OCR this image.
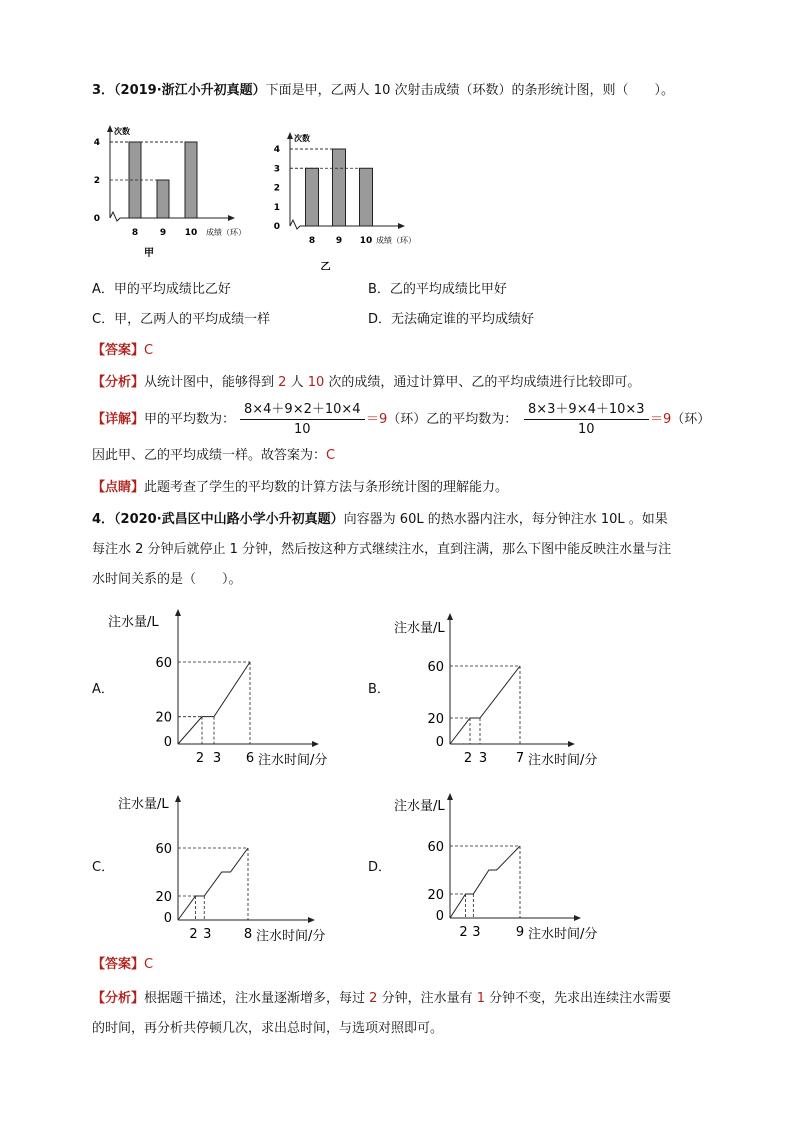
3．（2019·浙江小升初真题）下面是甲，乙两人 10 次射击成绩（环数）的条形统计图，则（　　）。
次数
成绩（环）
0
2
4
8 9 10
甲
次数
成绩（环）
0
1
2
3
4
8 9 10
乙
A．甲的平均成绩比乙好	B．乙的平均成绩比甲好
C．甲，乙两人的平均成绩一样	D．无法确定谁的平均成绩好
【答案】C
【分析】从统计图中，能够得到 2 人 10 次的成绩，通过计算甲、乙的平均成绩进行比较即可。
【详解】甲的平均数为： $\frac{8\times 4+9\times 2+10\times 4}{10} =9$（环）乙的平均数为： $\frac{8\times 3+9\times 4+10\times 3}{10} =9$（环）
因此甲、乙的平均成绩一样。故答案为：C
【点睛】此题考查了学生的平均数的计算方法与条形统计图的理解能力。
4．（2020·武昌区中山路小学小升初真题）向容器为 60L 的热水器内注水，每分钟注水 10L 。如果
每注水 2 分钟后就停止 1 分钟，然后按这种方式继续注水，直到注满，那么下图中能反映注水量与注
水时间关系的是（　　）。
A．
注水量/L
注水时间/分
0
20
60
2 3 6
B．
注水量/L
注水时间/分
0
20
60
2 3 7
C．
注水量/L
注水时间/分
0
20
60
2 3 8
D．
注水量/L
注水时间/分
0
20
60
2 3	9
【答案】C
【分析】根据题干描述，注水量逐渐增多，每过 2 分钟，注水量有 1 分钟不变，先求出连续注水需要
的时间，再分析共停顿几次，求出总时间，与选项对照即可。
